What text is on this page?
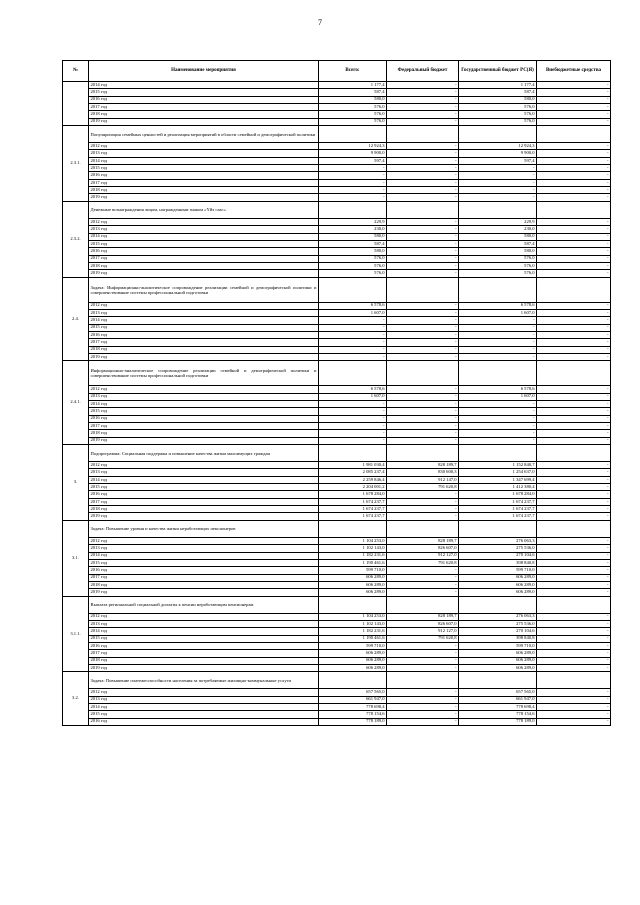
7
№	Наименование мероприятия	Всего:	Федеральный бюджет	Государственный бюджет РС(Я)	Внебюджетные средства
	2014 год	1 177,4	-	1 177,4	-
	2015 год	587,4	-	587,4	-
	2016 год	580,0	-	580,0	-
	2017 год	576,0	-	576,0	-
	2018 год	576,0	-	576,0	-
	2019 год	576,0	-	576,0	-
2.3.1.	Популяризация семейных ценностей и реализация мероприятий в области семейной и демографической политики				
	2012 год	12 924,3	-	12 924,3	-
	2013 год	9 900,0	-	9 900,0	-
	2014 год	597,4	-	597,4	-
	2015 год	-	-	-	-
	2016 год	-	-	-	-
	2017 год	-	-	-	-
	2018 год	-	-	-	-
	2019 год	-	-	-	-
2.3.2.	Денежные вознаграждения лицам, награжденным знаком «Үйэ саас»				
	2012 год	229,9	-	229,9	-
	2013 год	230,0	-	230,0	-
	2014 год	580,0	-	580,0	-
	2015 год	587,4	-	587,4	-
	2016 год	580,0	-	580,0	-
	2017 год	576,0	-	576,0	-
	2018 год	576,0	-	576,0	-
	2019 год	576,0	-	576,0	-
2.4.	Задача: Информационно-аналитическое сопровождение реализации семейной и демографической политики и совершенствование системы профессиональной подготовки				
	2012 год	6 578,6	-	6 578,6	-
	2013 год	1 607,0	-	1 607,0	-
	2014 год	-	-	-	-
	2015 год	-	-	-	-
	2016 год	-	-	-	-
	2017 год	-	-	-	-
	2018 год	-	-	-	-
	2019 год	-	-	-	-
2.4.1.	Информационно-аналитическое сопровождение реализации семейной и демографической политики и совершенствование системы профессиональной подготовки				
	2012 год	6 578,6	-	6 578,6	-
	2013 год	1 607,0	-	1 607,0	-
	2014 год	-	-	-	-
	2015 год	-	-	-	-
	2016 год	-	-	-	-
	2017 год	-	-	-	-
	2018 год	-	-	-	-
	2019 год	-	-	-	-
3.	Подпрограмма: Социальная поддержка и повышение качества жизни малоимущих граждан				
	2012 год	1 981 030,4	828 189,7	1 152 840,7	-
	2013 год	2 085 237,4	830 600,3	1 254 637,0	-
	2014 год	2 259 846,4	912 147,0	1 347 699,4	-
	2015 год	2 204 001,2	791 620,8	1 412 380,4	-
	2016 год	1 678 284,0	-	1 678 284,0	-
	2017 год	1 674 237,7	-	1 674 237,7	-
	2018 год	1 674 237,7	-	1 674 237,7	-
	2019 год	1 674 237,7	-	1 674 237,7	-
3.1.	Задача: Повышение уровня и качества жизни неработающих пенсионеров				
	2012 год	1 104 253,0	828 189,7	276 063,3	-
	2013 год	1 102 143,0	826 607,0	275 536,0	-
	2014 год	1 182 231,6	912 127,0	270 104,6	-
	2015 год	1 190 461,6	791 620,8	398 840,8	-
	2016 год	599 710,0	-	599 710,0	-
	2017 год	606 289,0	-	606 289,0	-
	2018 год	606 289,0	-	606 289,0	-
	2019 год	606 289,0	-	606 289,0	-
3.1.1.	Выплата региональной социальной доплаты к пенсии неработающим пенсионерам				
	2012 год	1 104 253,0	828 189,7	276 063,3	-
	2013 год	1 102 143,0	826 607,0	275 536,0	-
	2014 год	1 182 231,6	912 127,0	270 104,6	-
	2015 год	1 190 461,6	791 620,8	398 840,8	-
	2016 год	599 710,0	-	599 710,0	-
	2017 год	606 289,0	-	606 289,0	-
	2018 год	606 289,0	-	606 289,0	-
	2019 год	606 289,0	-	606 289,0	-
3.2.	Задача: Повышение платежеспособности населения за потребляемые жилищно-коммунальные услуги				
	2012 год	657 565,0	-	657 565,0	-
	2013 год	661 947,0	-	661 947,0	-
	2014 год	778 698,4	-	778 698,4	-
	2015 год	778 154,6	-	778 154,6	-
	2016 год	778 189,0	-	778 189,0	-
